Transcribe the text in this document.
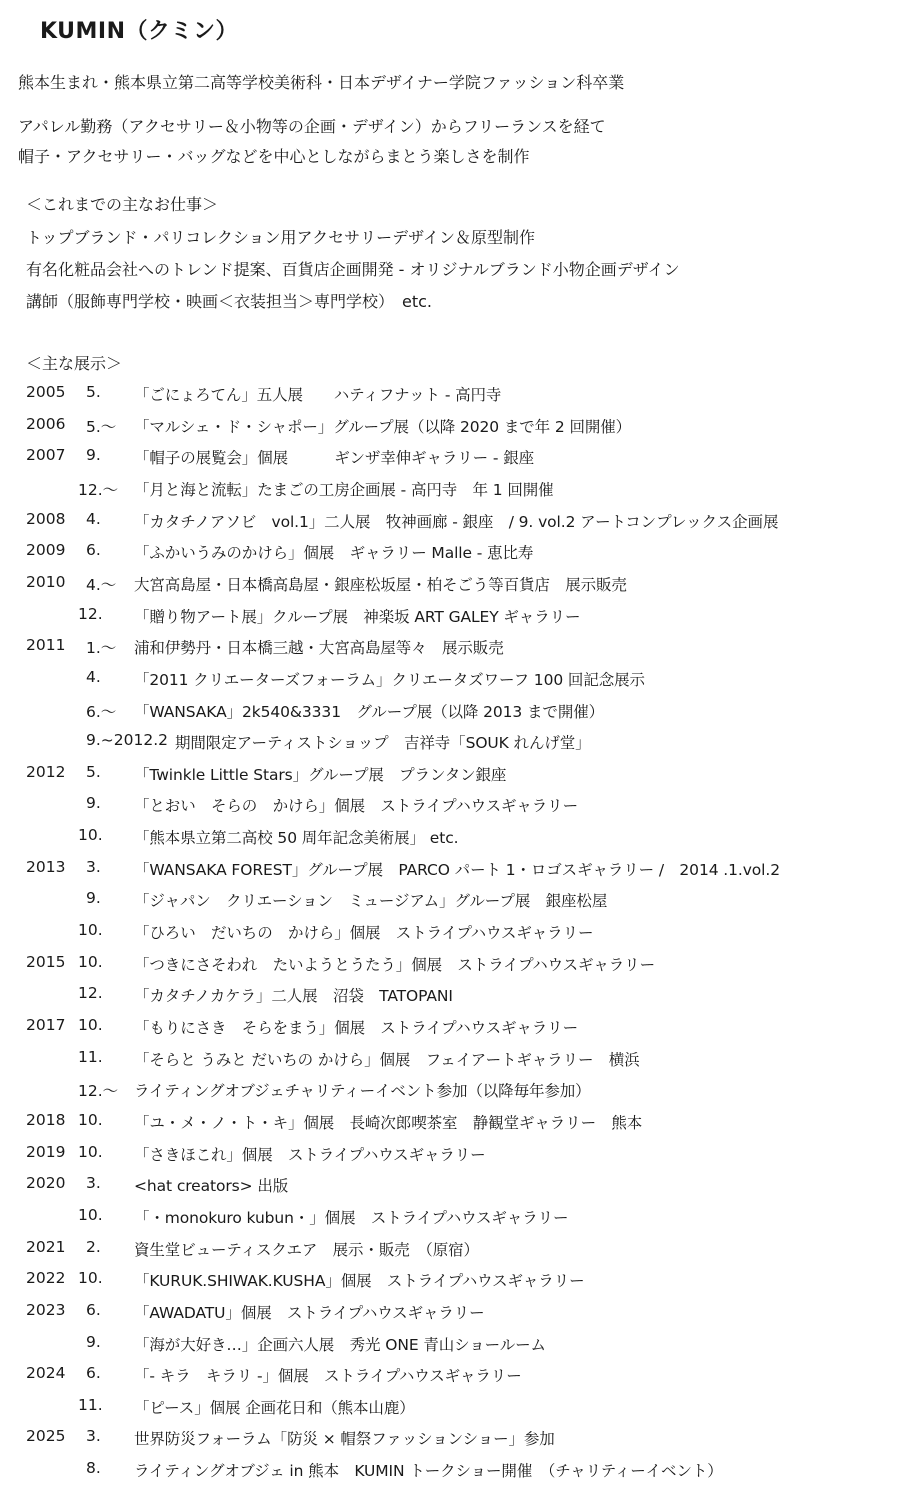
KUMIN（クミン）
熊本生まれ・熊本県立第二高等学校美術科・日本デザイナー学院ファッション科卒業
アパレル勤務（アクセサリー＆小物等の企画・デザイン）からフリーランスを経て
帽子・アクセサリー・バッグなどを中心としながらまとう楽しさを制作
＜これまでの主なお仕事＞
トップブランド・パリコレクション用アクセサリーデザイン＆原型制作
有名化粧品会社へのトレンド提案、百貨店企画開発 - オリジナルブランド小物企画デザイン
講師（服飾専門学校・映画＜衣装担当＞専門学校）　etc.
＜主な展示＞
2005 5. 「ごにょろてん」五人展　　ハティフナット - 高円寺
2006 5.～ 「マルシェ・ド・シャポー」グループ展（以降 2020 まで年 2 回開催）
2007 9. 「帽子の展覧会」個展　　　ギンザ幸伸ギャラリー - 銀座
12.～ 「月と海と流転」たまごの工房企画展 - 高円寺　年 1 回開催
2008 4. 「カタチノアソビ　vol.1」二人展　牧神画廊 - 銀座　/ 9. vol.2 アートコンプレックス企画展
2009 6. 「ふかいうみのかけら」個展　ギャラリー Malle - 恵比寿
2010 4.～ 大宮高島屋・日本橋高島屋・銀座松坂屋・柏そごう等百貨店　展示販売
12. 「贈り物アート展」クループ展　神楽坂 ART GALEY ギャラリー
2011 1.～ 浦和伊勢丹・日本橋三越・大宮高島屋等々　展示販売
4. 「2011 クリエーターズフォーラム」クリエータズワーフ 100 回記念展示
6.～ 「WANSAKA」2k540&3331　グループ展（以降 2013 まで開催）
9.~2012.2 期間限定アーティストショップ　吉祥寺「SOUK れんげ堂」
2012 5. 「Twinkle Little Stars」グループ展　プランタン銀座
9. 「とおい　そらの　かけら」個展　ストライプハウスギャラリー
10. 「熊本県立第二高校 50 周年記念美術展」 etc.
2013 3. 「WANSAKA FOREST」グループ展　PARCO パート 1・ロゴスギャラリー /　2014 .1.vol.2
9. 「ジャパン　クリエーション　ミュージアム」グループ展　銀座松屋
10. 「ひろい　だいちの　かけら」個展　ストライプハウスギャラリー
2015 10. 「つきにさそわれ　たいようとうたう」個展　ストライプハウスギャラリー
12. 「カタチノカケラ」二人展　沼袋　TATOPANI
2017 10. 「もりにさき　そらをまう」個展　ストライプハウスギャラリー
11. 「そらと うみと だいちの かけら」個展　フェイアートギャラリー　横浜
12.～ ライティングオブジェチャリティーイベント参加（以降毎年参加）
2018 10. 「ユ・メ・ノ・ト・キ」個展　長崎次郎喫茶室　静観堂ギャラリー　熊本
2019 10. 「さきほこれ」個展　ストライプハウスギャラリー
2020 3. <hat creators> 出版
10. 「・monokuro kubun・」個展　ストライプハウスギャラリー
2021 2. 資生堂ビューティスクエア　展示・販売　（原宿）
2022 10. 「KURUK.SHIWAK.KUSHA」個展　ストライプハウスギャラリー
2023 6. 「AWADATU」個展　ストライプハウスギャラリー
9. 「海が大好き…」企画六人展　秀光 ONE 青山ショールーム
2024 6. 「- キラ　キラリ -」個展　ストライプハウスギャラリー
11. 「ピース」個展 企画花日和（熊本山鹿）
2025 3. 世界防災フォーラム「防災 × 帽祭ファッションショー」参加
8. ライティングオブジェ in 熊本　KUMIN トークショー開催　（チャリティーイベント）
